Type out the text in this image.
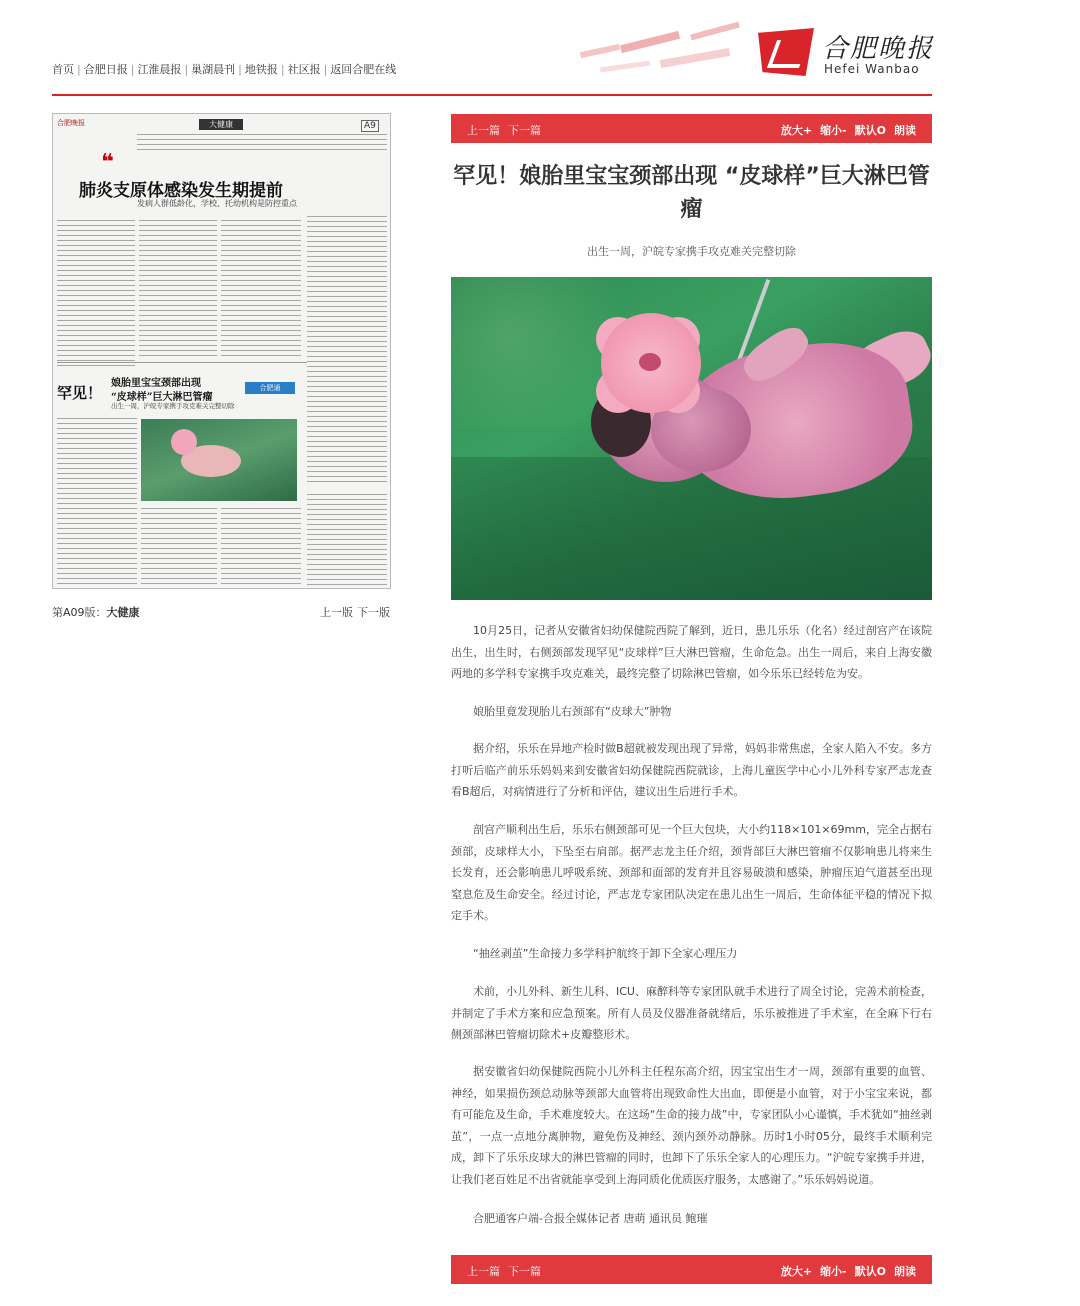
首页 | 合肥日报 | 江淮晨报 | 巢湖晨刊 | 地铁报 | 社区报 | 返回合肥在线
合肥晚报
Hefei Wanbao
合肥晚报	大健康	A9
❝
肺炎支原体感染发生期提前
发病人群低龄化，学校、托幼机构是防控重点
罕见！
娘胎里宝宝颈部出现
“皮球样”巨大淋巴管瘤
出生一周，沪皖专家携手攻克难关完整切除
合肥通
第A09版：大健康	上一版 下一版
上一篇 下一篇	放大+ 缩小- 默认O 朗读
罕见！娘胎里宝宝颈部出现 “皮球样”巨大淋巴管瘤
出生一周，沪皖专家携手攻克难关完整切除

10月25日，记者从安徽省妇幼保健院西院了解到，近日，患儿乐乐（化名）经过剖宫产在该院出生，出生时，右侧颈部发现罕见“皮球样”巨大淋巴管瘤，生命危急。出生一周后，来自上海安徽两地的多学科专家携手攻克难关，最终完整了切除淋巴管瘤，如今乐乐已经转危为安。

娘胎里竟发现胎儿右颈部有“皮球大”肿物

据介绍，乐乐在异地产检时做B超就被发现出现了异常，妈妈非常焦虑，全家人陷入不安。多方打听后临产前乐乐妈妈来到安徽省妇幼保健院西院就诊，上海儿童医学中心小儿外科专家严志龙查看B超后，对病情进行了分析和评估，建议出生后进行手术。

剖宫产顺利出生后，乐乐右侧颈部可见一个巨大包块，大小约118×101×69mm，完全占据右颈部，皮球样大小，下坠至右肩部。据严志龙主任介绍，颈背部巨大淋巴管瘤不仅影响患儿将来生长发育，还会影响患儿呼吸系统、颈部和面部的发育并且容易破溃和感染，肿瘤压迫气道甚至出现窒息危及生命安全。经过讨论，严志龙专家团队决定在患儿出生一周后，生命体征平稳的情况下拟定手术。

“抽丝剥茧”生命接力多学科护航终于卸下全家心理压力

术前，小儿外科、新生儿科、ICU、麻醉科等专家团队就手术进行了周全讨论，完善术前检查，并制定了手术方案和应急预案。所有人员及仪器准备就绪后，乐乐被推进了手术室，在全麻下行右侧颈部淋巴管瘤切除术+皮瓣整形术。

据安徽省妇幼保健院西院小儿外科主任程东高介绍，因宝宝出生才一周，颈部有重要的血管、神经，如果损伤颈总动脉等颈部大血管将出现致命性大出血，即便是小血管，对于小宝宝来说，都有可能危及生命，手术难度较大。在这场“生命的接力战”中，专家团队小心谨慎，手术犹如“抽丝剥茧”，一点一点地分离肿物，避免伤及神经、颈内颈外动静脉。历时1小时05分，最终手术顺利完成，卸下了乐乐皮球大的淋巴管瘤的同时，也卸下了乐乐全家人的心理压力。“沪皖专家携手并进，让我们老百姓足不出省就能享受到上海同质化优质医疗服务，太感谢了。”乐乐妈妈说道。

合肥通客户端-合报全媒体记者 唐萌 通讯员 鲍璀

上一篇 下一篇	放大+ 缩小- 默认O 朗读
